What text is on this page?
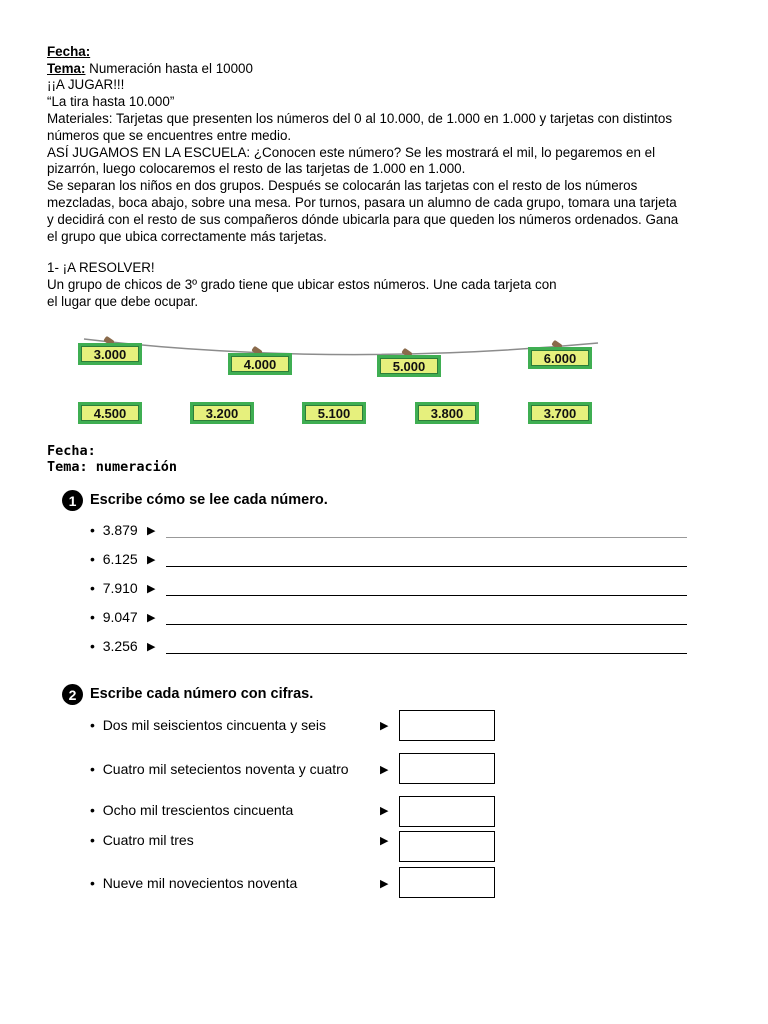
Fecha:
Tema: Numeración hasta el 10000
¡¡A JUGAR!!!
“La tira hasta 10.000”
Materiales: Tarjetas que presenten los números del 0 al 10.000, de 1.000 en 1.000 y tarjetas con distintos
números que se encuentres entre medio.
ASÍ JUGAMOS EN LA ESCUELA: ¿Conocen este número? Se les mostrará el mil, lo pegaremos en el
pizarrón, luego colocaremos el resto de las tarjetas de 1.000 en 1.000.
Se separan los niños en dos grupos. Después se colocarán las tarjetas con el resto de los números
mezcladas, boca abajo, sobre una mesa. Por turnos, pasara un alumno de cada grupo, tomara una tarjeta
y decidirá con el resto de sus compañeros dónde ubicarla para que queden los números ordenados. Gana
el grupo que ubica correctamente más tarjetas.
1- ¡A RESOLVER!
Un grupo de chicos de 3º grado tiene que ubicar estos números. Une cada tarjeta con
el lugar que debe ocupar.
3.000
4.000	5.000
6.000
4.500	3.200	5.100	3.800	3.700
Fecha:
Tema: numeración
1 Escribe cómo se lee cada número.
•  3.879 ▶
•  6.125 ▶
•  7.910 ▶
•  9.047 ▶
•  3.256 ▶
2 Escribe cada número con cifras.
•  Dos mil seiscientos cincuenta y seis	▶
•  Cuatro mil setecientos noventa y cuatro	▶
•  Ocho mil trescientos cincuenta	▶
•  Cuatro mil tres	▶
•  Nueve mil novecientos noventa	▶
